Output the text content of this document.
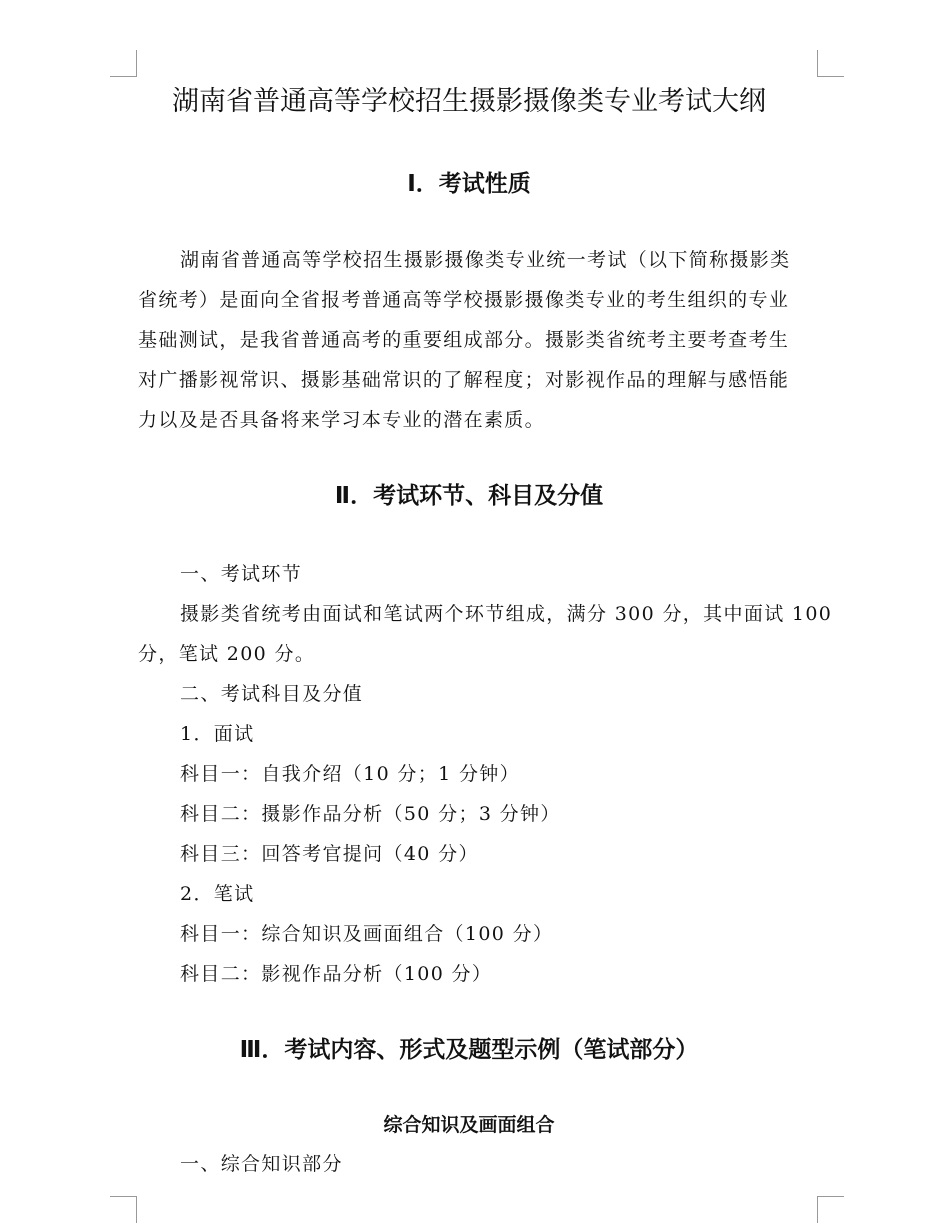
湖南省普通高等学校招生摄影摄像类专业考试大纲
Ⅰ．考试性质
湖南省普通高等学校招生摄影摄像类专业统一考试（以下简称摄影类
省统考）是面向全省报考普通高等学校摄影摄像类专业的考生组织的专业
基础测试，是我省普通高考的重要组成部分。摄影类省统考主要考查考生
对广播影视常识、摄影基础常识的了解程度；对影视作品的理解与感悟能
力以及是否具备将来学习本专业的潜在素质。
Ⅱ．考试环节、科目及分值
一、考试环节
摄影类省统考由面试和笔试两个环节组成，满分 300 分，其中面试 100
分，笔试 200 分。
二、考试科目及分值
1．面试
科目一：自我介绍（10 分；1 分钟）
科目二：摄影作品分析（50 分；3 分钟）
科目三：回答考官提问（40 分）
2．笔试
科目一：综合知识及画面组合（100 分）
科目二：影视作品分析（100 分）
Ⅲ．考试内容、形式及题型示例（笔试部分）
综合知识及画面组合
一、综合知识部分
